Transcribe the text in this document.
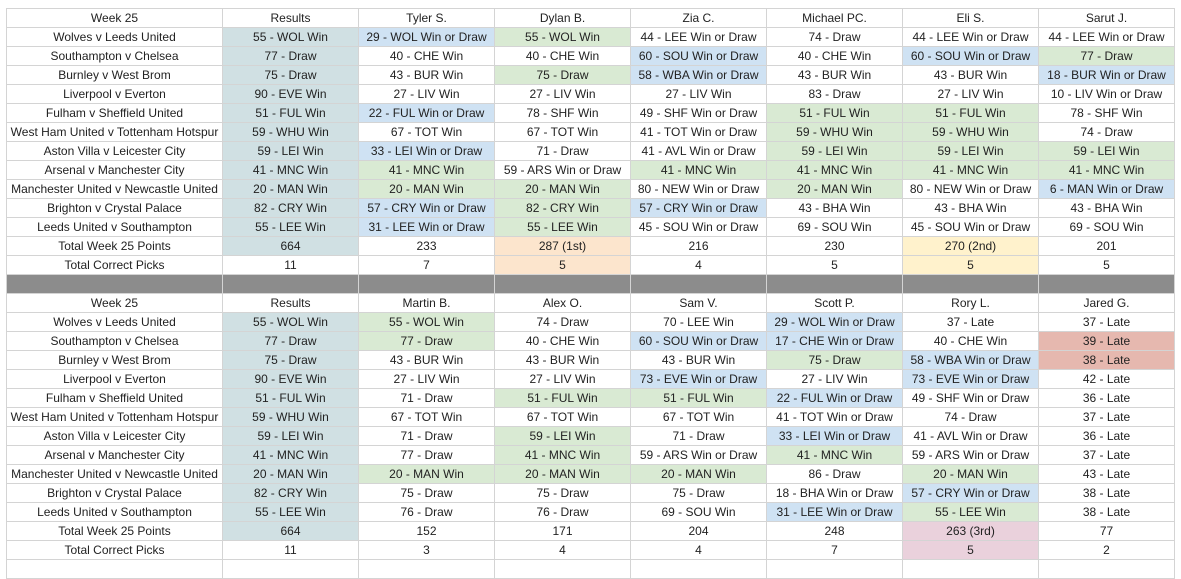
Week 25	Results	Tyler S.	Dylan B.	Zia C.	Michael PC.	Eli S.	Sarut J.
Wolves v Leeds United	55 - WOL Win	29 - WOL Win or Draw	55 - WOL Win	44 - LEE Win or Draw	74 - Draw	44 - LEE Win or Draw	44 - LEE Win or Draw
Southampton v Chelsea	77 - Draw	40 - CHE Win	40 - CHE Win	60 - SOU Win or Draw	40 - CHE Win	60 - SOU Win or Draw	77 - Draw
Burnley v West Brom	75 - Draw	43 - BUR Win	75 - Draw	58 - WBA Win or Draw	43 - BUR Win	43 - BUR Win	18 - BUR Win or Draw
Liverpool v Everton	90 - EVE Win	27 - LIV Win	27 - LIV Win	27 - LIV Win	83 - Draw	27 - LIV Win	10 - LIV Win or Draw
Fulham v Sheffield United	51 - FUL Win	22 - FUL Win or Draw	78 - SHF Win	49 - SHF Win or Draw	51 - FUL Win	51 - FUL Win	78 - SHF Win
West Ham United v Tottenham Hotspur	59 - WHU Win	67 - TOT Win	67 - TOT Win	41 - TOT Win or Draw	59 - WHU Win	59 - WHU Win	74 - Draw
Aston Villa v Leicester City	59 - LEI Win	33 - LEI Win or Draw	71 - Draw	41 - AVL Win or Draw	59 - LEI Win	59 - LEI Win	59 - LEI Win
Arsenal v Manchester City	41 - MNC Win	41 - MNC Win	59 - ARS Win or Draw	41 - MNC Win	41 - MNC Win	41 - MNC Win	41 - MNC Win
Manchester United v Newcastle United	20 - MAN Win	20 - MAN Win	20 - MAN Win	80 - NEW Win or Draw	20 - MAN Win	80 - NEW Win or Draw	6 - MAN Win or Draw
Brighton v Crystal Palace	82 - CRY Win	57 - CRY Win or Draw	82 - CRY Win	57 - CRY Win or Draw	43 - BHA Win	43 - BHA Win	43 - BHA Win
Leeds United v Southampton	55 - LEE Win	31 - LEE Win or Draw	55 - LEE Win	45 - SOU Win or Draw	69 - SOU Win	45 - SOU Win or Draw	69 - SOU Win
Total Week 25 Points	664	233	287 (1st)	216	230	270 (2nd)	201
Total Correct Picks	11	7	5	4	5	5	5

Week 25	Results	Martin B.	Alex O.	Sam V.	Scott P.	Rory L.	Jared G.
Wolves v Leeds United	55 - WOL Win	55 - WOL Win	74 - Draw	70 - LEE Win	29 - WOL Win or Draw	37 - Late	37 - Late
Southampton v Chelsea	77 - Draw	77 - Draw	40 - CHE Win	60 - SOU Win or Draw	17 - CHE Win or Draw	40 - CHE Win	39 - Late
Burnley v West Brom	75 - Draw	43 - BUR Win	43 - BUR Win	43 - BUR Win	75 - Draw	58 - WBA Win or Draw	38 - Late
Liverpool v Everton	90 - EVE Win	27 - LIV Win	27 - LIV Win	73 - EVE Win or Draw	27 - LIV Win	73 - EVE Win or Draw	42 - Late
Fulham v Sheffield United	51 - FUL Win	71 - Draw	51 - FUL Win	51 - FUL Win	22 - FUL Win or Draw	49 - SHF Win or Draw	36 - Late
West Ham United v Tottenham Hotspur	59 - WHU Win	67 - TOT Win	67 - TOT Win	67 - TOT Win	41 - TOT Win or Draw	74 - Draw	37 - Late
Aston Villa v Leicester City	59 - LEI Win	71 - Draw	59 - LEI Win	71 - Draw	33 - LEI Win or Draw	41 - AVL Win or Draw	36 - Late
Arsenal v Manchester City	41 - MNC Win	77 - Draw	41 - MNC Win	59 - ARS Win or Draw	41 - MNC Win	59 - ARS Win or Draw	37 - Late
Manchester United v Newcastle United	20 - MAN Win	20 - MAN Win	20 - MAN Win	20 - MAN Win	86 - Draw	20 - MAN Win	43 - Late
Brighton v Crystal Palace	82 - CRY Win	75 - Draw	75 - Draw	75 - Draw	18 - BHA Win or Draw	57 - CRY Win or Draw	38 - Late
Leeds United v Southampton	55 - LEE Win	76 - Draw	76 - Draw	69 - SOU Win	31 - LEE Win or Draw	55 - LEE Win	38 - Late
Total Week 25 Points	664	152	171	204	248	263 (3rd)	77
Total Correct Picks	11	3	4	4	7	5	2
